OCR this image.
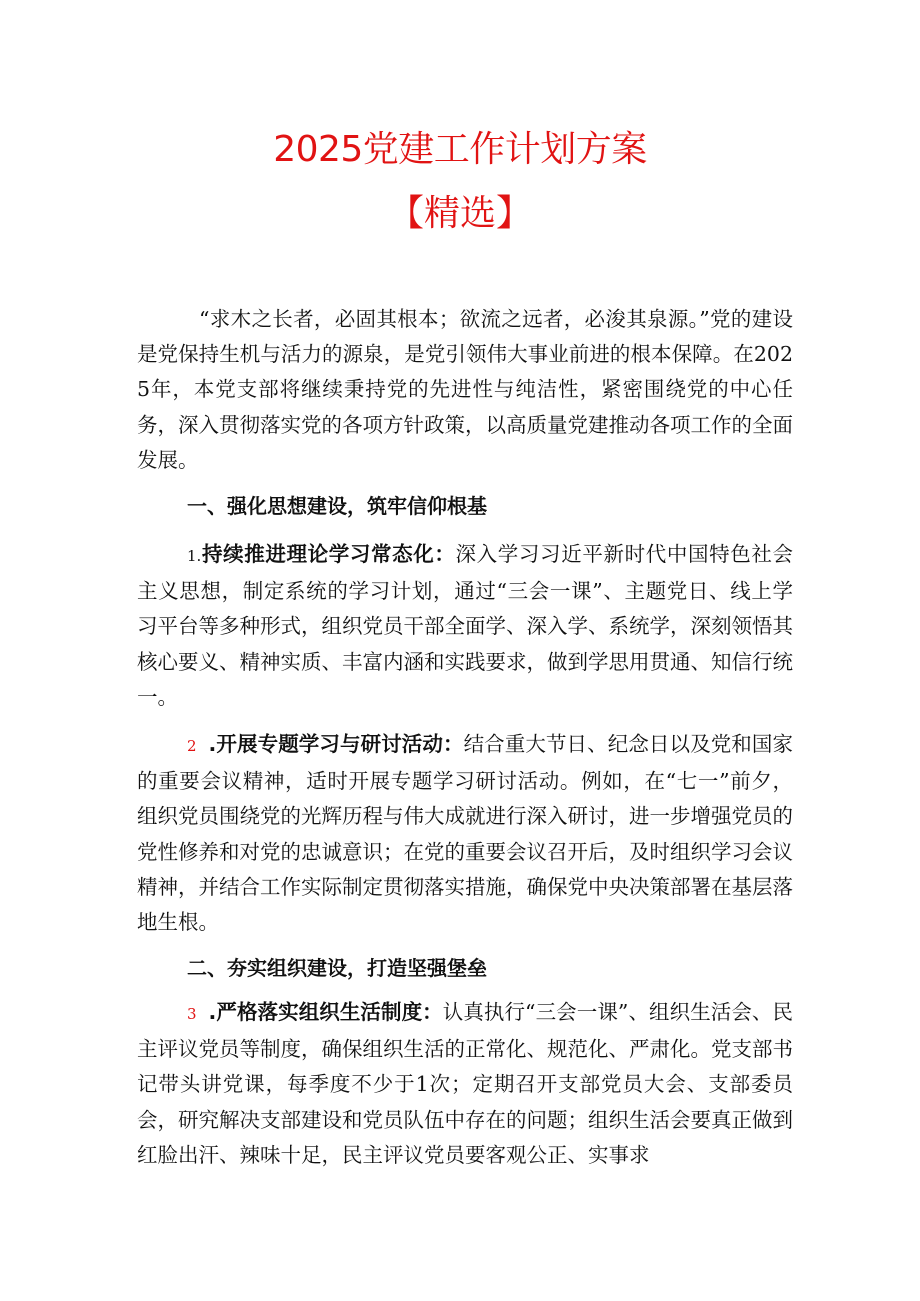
2025党建工作计划方案
【精选】

“求木之长者，必固其根本；欲流之远者，必浚其泉源。”党的建设是党保持生机与活力的源泉，是党引领伟大事业前进的根本保障。在2025年，本党支部将继续秉持党的先进性与纯洁性，紧密围绕党的中心任务，深入贯彻落实党的各项方针政策，以高质量党建推动各项工作的全面发展。

一、强化思想建设，筑牢信仰根基

1.持续推进理论学习常态化：深入学习习近平新时代中国特色社会主义思想，制定系统的学习计划，通过“三会一课”、主题党日、线上学习平台等多种形式，组织党员干部全面学、深入学、系统学，深刻领悟其核心要义、精神实质、丰富内涵和实践要求，做到学思用贯通、知信行统一。

2 .开展专题学习与研讨活动：结合重大节日、纪念日以及党和国家的重要会议精神，适时开展专题学习研讨活动。例如，在“七一”前夕，组织党员围绕党的光辉历程与伟大成就进行深入研讨，进一步增强党员的党性修养和对党的忠诚意识；在党的重要会议召开后，及时组织学习会议精神，并结合工作实际制定贯彻落实措施，确保党中央决策部署在基层落地生根。

二、夯实组织建设，打造坚强堡垒

3 .严格落实组织生活制度：认真执行“三会一课”、组织生活会、民主评议党员等制度，确保组织生活的正常化、规范化、严肃化。党支部书记带头讲党课，每季度不少于1次；定期召开支部党员大会、支部委员会，研究解决支部建设和党员队伍中存在的问题；组织生活会要真正做到红脸出汗、辣味十足，民主评议党员要客观公正、实事求
